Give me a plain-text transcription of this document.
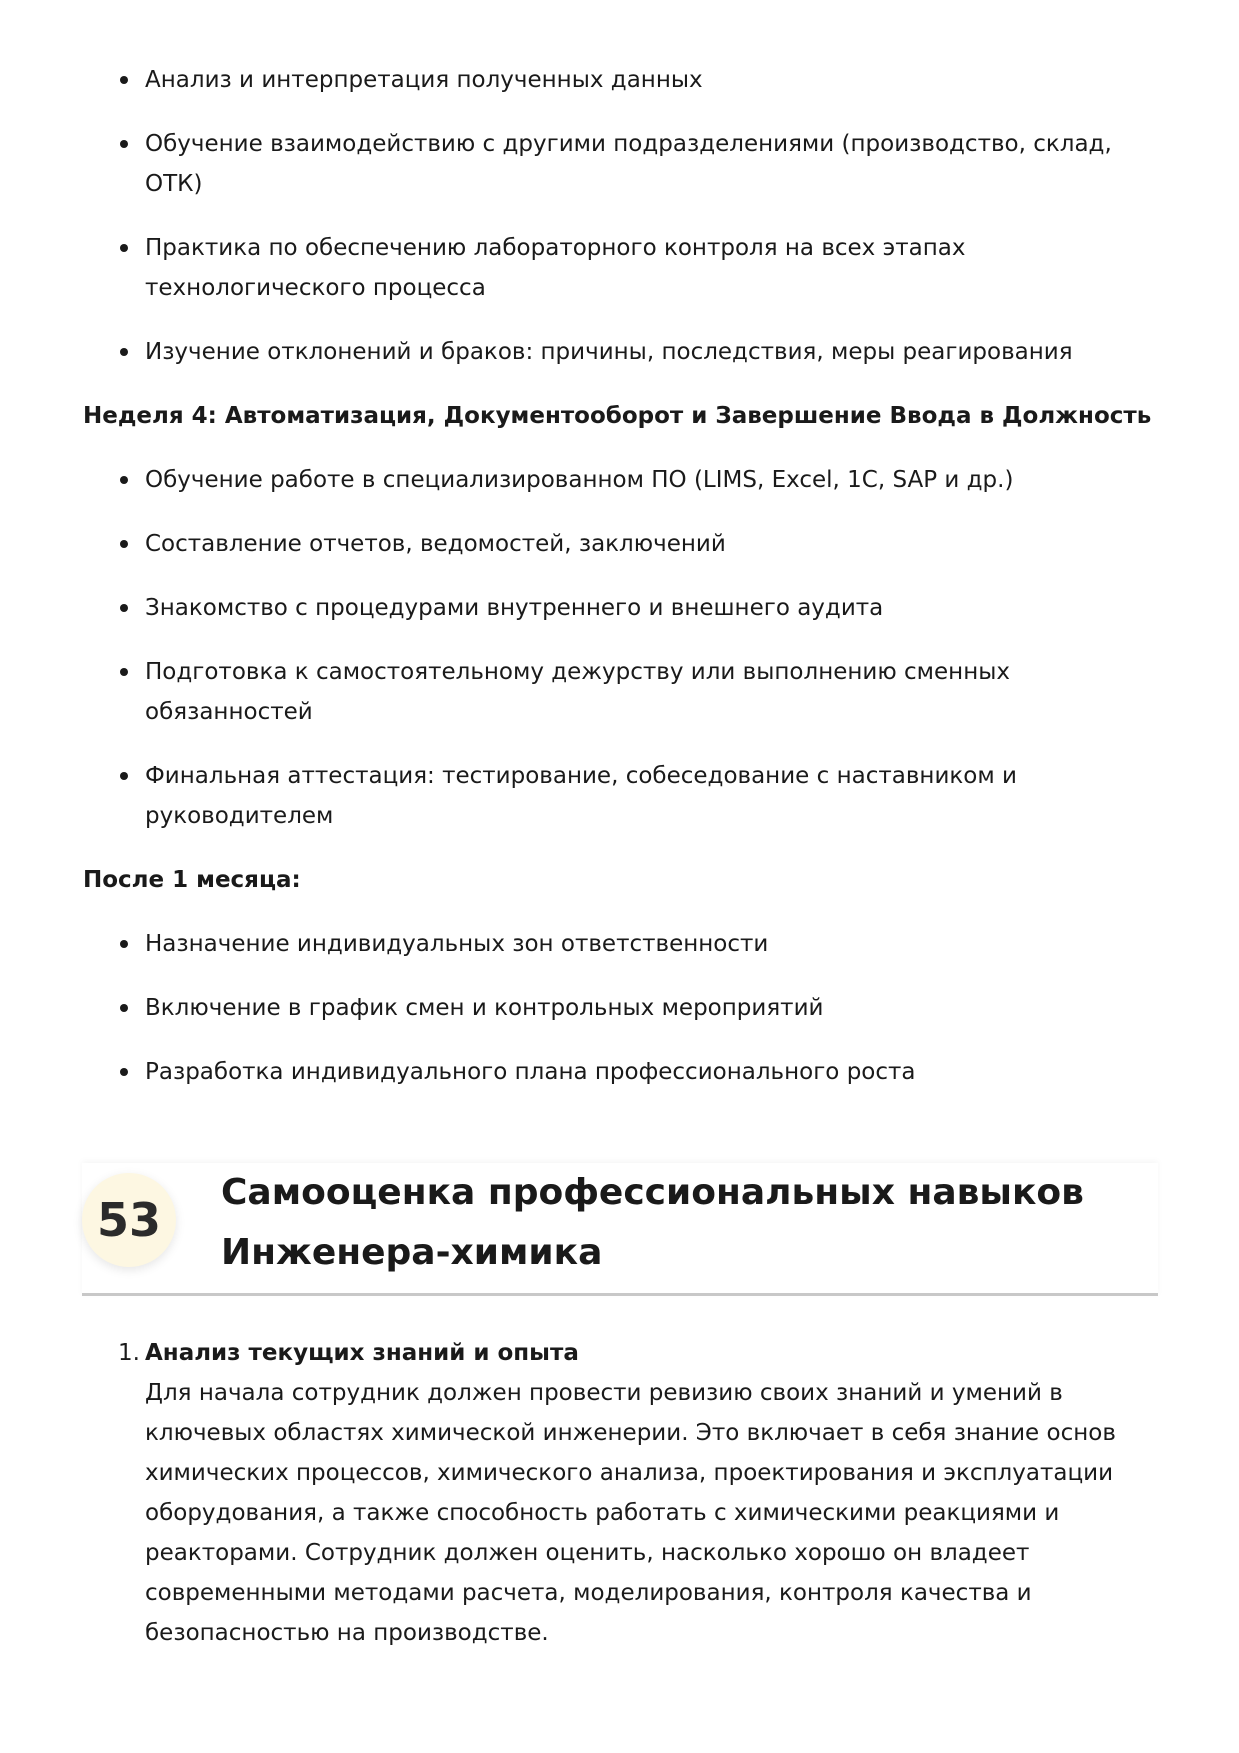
Анализ и интерпретация полученных данных
Обучение взаимодействию с другими подразделениями (производство, склад, ОТК)
Практика по обеспечению лабораторного контроля на всех этапах технологического процесса
Изучение отклонений и браков: причины, последствия, меры реагирования
Неделя 4: Автоматизация, Документооборот и Завершение Ввода в Должность
Обучение работе в специализированном ПО (LIMS, Excel, 1С, SAP и др.)
Составление отчетов, ведомостей, заключений
Знакомство с процедурами внутреннего и внешнего аудита
Подготовка к самостоятельному дежурству или выполнению сменных обязанностей
Финальная аттестация: тестирование, собеседование с наставником и руководителем
После 1 месяца:
Назначение индивидуальных зон ответственности
Включение в график смен и контрольных мероприятий
Разработка индивидуального плана профессионального роста
53
Самооценка профессиональных навыков
Инженера-химика
1. Анализ текущих знаний и опыта
Для начала сотрудник должен провести ревизию своих знаний и умений в ключевых областях химической инженерии. Это включает в себя знание основ химических процессов, химического анализа, проектирования и эксплуатации оборудования, а также способность работать с химическими реакциями и реакторами. Сотрудник должен оценить, насколько хорошо он владеет современными методами расчета, моделирования, контроля качества и безопасностью на производстве.
